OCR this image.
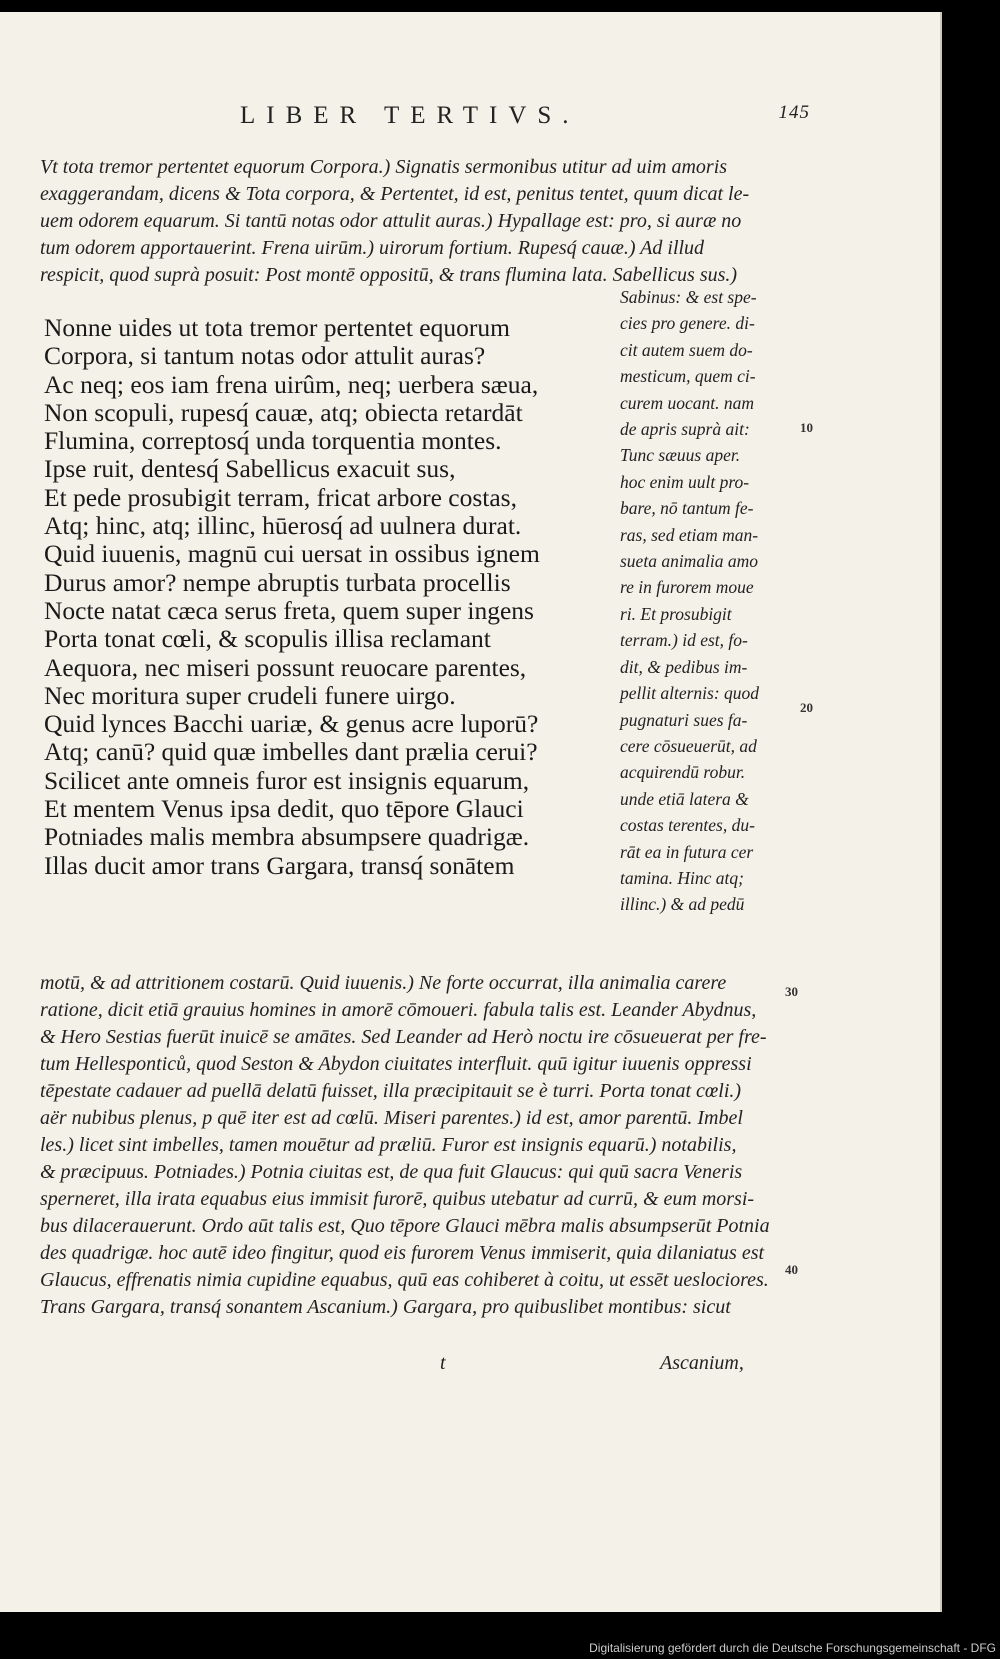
LIBER TERTIVS.	145
Vt tota tremor pertentet equorum Corpora.) Signatis sermonibus utitur ad uim amoris
exaggerandam, dicens & Tota corpora, & Pertentet, id est, penitus tentet, quum dicat le-
uem odorem equarum. Si tantū notas odor attulit auras.) Hypallage est: pro, si auræ no
tum odorem apportauerint. Frena uirūm.) uirorum fortium. Rupesq́ cauæ.) Ad illud
respicit, quod suprà posuit: Post montē oppositū, & trans flumina lata. Sabellicus sus.)
Nonne uides ut tota tremor pertentet equorum
Corpora, si tantum notas odor attulit auras?
Ac neq; eos iam frena uirûm, neq; uerbera sæua,
Non scopuli, rupesq́ cauæ, atq; obiecta retardāt
Flumina, correptosq́ unda torquentia montes.
Ipse ruit, dentesq́ Sabellicus exacuit sus,
Et pede prosubigit terram, fricat arbore costas,
Atq; hinc, atq; illinc, hūerosq́ ad uulnera durat.
Quid iuuenis, magnū cui uersat in ossibus ignem
Durus amor? nempe abruptis turbata procellis
Nocte natat cæca serus freta, quem super ingens
Porta tonat cœli, & scopulis illisa reclamant
Aequora, nec miseri possunt reuocare parentes,
Nec moritura super crudeli funere uirgo.
Quid lynces Bacchi uariæ, & genus acre luporū?
Atq; canū? quid quæ imbelles dant prælia cerui?
Scilicet ante omneis furor est insignis equarum,
Et mentem Venus ipsa dedit, quo tēpore Glauci
Potniades malis membra absumpsere quadrigæ.
Illas ducit amor trans Gargara, transq́ sonātem
Sabinus: & est spe-
cies pro genere. di-
cit autem suem do-
mesticum, quem ci-
curem uocant. nam
de apris suprà ait:
Tunc sæuus aper.
hoc enim uult pro-
bare, nō tantum fe-
ras, sed etiam man-
sueta animalia amo
re in furorem moue
ri. Et prosubigit
terram.) id est, fo-
dit, & pedibus im-
pellit alternis: quod
pugnaturi sues fa-
cere cōsueuerūt, ad
acquirendū robur.
unde etiā latera &
costas terentes, du-
rāt ea in futura cer
tamina. Hinc atq;
illinc.) & ad pedū
10
20
30
40
motū, & ad attritionem costarū. Quid iuuenis.) Ne forte occurrat, illa animalia carere
ratione, dicit etiā grauius homines in amorē cōmoueri. fabula talis est. Leander Abydnus,
& Hero Sestias fuerūt inuicē se amātes. Sed Leander ad Herò noctu ire cōsueuerat per fre-
tum Hellesponticů, quod Seston & Abydon ciuitates interfluit. quū igitur iuuenis oppressi
tēpestate cadauer ad puellā delatū fuisset, illa præcipitauit se è turri. Porta tonat cœli.)
aër nubibus plenus, p quē iter est ad cœlū. Miseri parentes.) id est, amor parentū. Imbel
les.) licet sint imbelles, tamen mouētur ad præliū. Furor est insignis equarū.) notabilis,
& præcipuus. Potniades.) Potnia ciuitas est, de qua fuit Glaucus: qui quū sacra Veneris
sperneret, illa irata equabus eius immisit furorē, quibus utebatur ad currū, & eum morsi-
bus dilacerauerunt. Ordo aūt talis est, Quo tēpore Glauci mēbra malis absumpserūt Potnia
des quadrigæ. hoc autē ideo fingitur, quod eis furorem Venus immiserit, quia dilaniatus est
Glaucus, effrenatis nimia cupidine equabus, quū eas cohiberet à coitu, ut essēt ueslociores.
Trans Gargara, transq́ sonantem Ascanium.) Gargara, pro quibuslibet montibus: sicut
t	Ascanium,
Digitalisierung gefördert durch die Deutsche Forschungsgemeinschaft - DFG
